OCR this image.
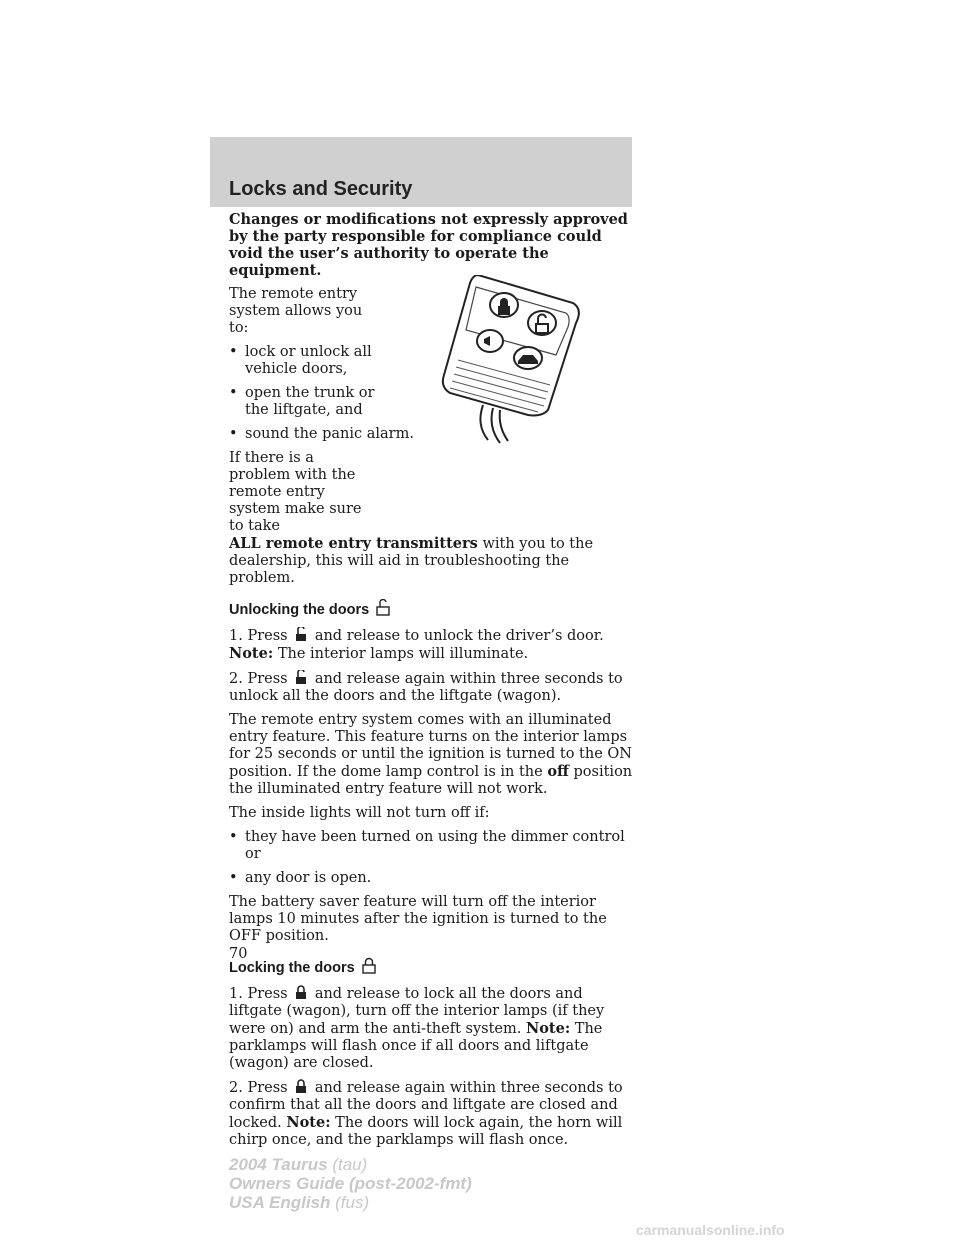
Locks and Security

Changes or modifications not expressly approved by the party responsible for compliance could void the user’s authority to operate the equipment.

The remote entry system allows you to:

• lock or unlock all vehicle doors,
• open the trunk or the liftgate, and
• sound the panic alarm.

If there is a problem with the remote entry system make sure to take
ALL remote entry transmitters with you to the dealership, this will aid in troubleshooting the problem.

Unlocking the doors

1. Press and release to unlock the driver’s door. Note: The interior lamps will illuminate.

2. Press and release again within three seconds to unlock all the doors and the liftgate (wagon).

The remote entry system comes with an illuminated entry feature. This feature turns on the interior lamps for 25 seconds or until the ignition is turned to the ON position. If the dome lamp control is in the off position the illuminated entry feature will not work.

The inside lights will not turn off if:

• they have been turned on using the dimmer control or
• any door is open.

The battery saver feature will turn off the interior lamps 10 minutes after the ignition is turned to the OFF position.

Locking the doors

1. Press and release to lock all the doors and liftgate (wagon), turn off the interior lamps (if they were on) and arm the anti-theft system. Note: The parklamps will flash once if all doors and liftgate (wagon) are closed.

2. Press and release again within three seconds to confirm that all the doors and liftgate are closed and locked. Note: The doors will lock again, the horn will chirp once, and the parklamps will flash once.

70
2004 Taurus (tau)
Owners Guide (post-2002-fmt)
USA English (fus)
carmanualsonline.info
